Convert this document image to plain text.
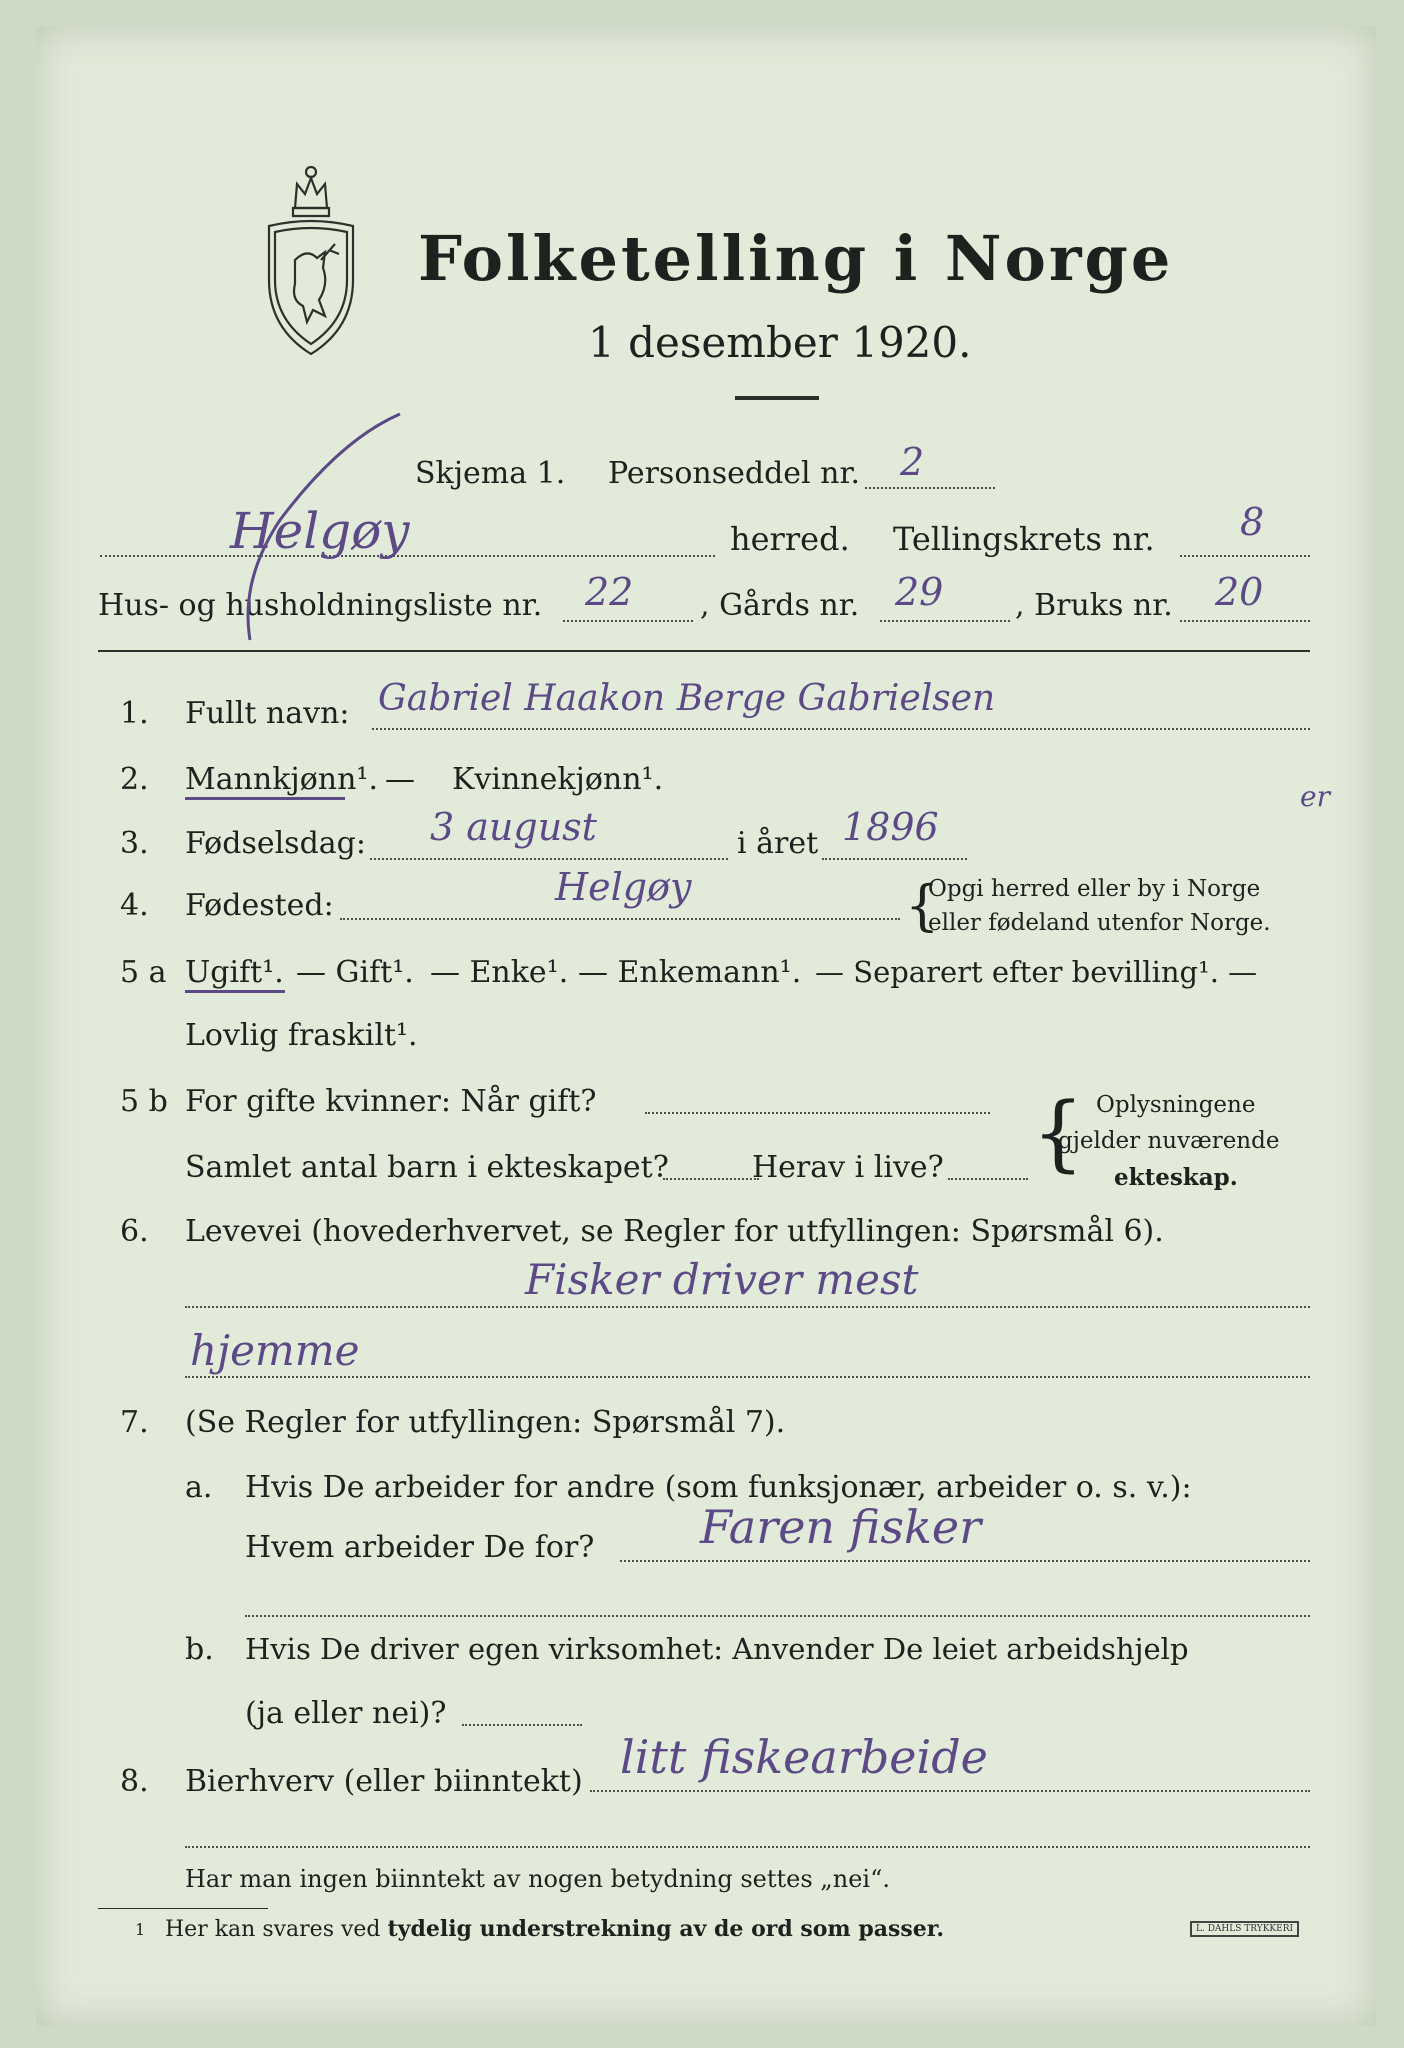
Folketelling i Norge
1 desember 1920.
Skjema 1. Personseddel nr. 2
Helgøy	herred. Tellingskrets nr. 8
Hus- og husholdningsliste nr. 22 , Gårds nr. 29 , Bruks nr. 20
1. Fullt navn: Gabriel Haakon Berge Gabrielsen
2. Mannkjønn¹. — Kvinnekjønn¹.
3. Fødselsdag: 3 august	i året 1896
er
4. Fødested:	Helgøy	{
Opgi herred eller by i Norge
eller fødeland utenfor Norge.
5 a Ugift¹. — Gift¹. — Enke¹. — Enkemann¹. — Separert efter bevilling¹. —
Lovlig fraskilt¹.
5 b For gifte kvinner: Når gift?
Samlet antal barn i ekteskapet?	Herav i live? { Oplysningene
gjelder nuværende
ekteskap.
6. Levevei (hovederhvervet, se Regler for utfyllingen: Spørsmål 6).
Fisker driver mest
hjemme
7. (Se Regler for utfyllingen: Spørsmål 7).
a. Hvis De arbeider for andre (som funksjonær, arbeider o. s. v.):
Hvem arbeider De for? Faren fisker
b. Hvis De driver egen virksomhet: Anvender De leiet arbeidshjelp
(ja eller nei)?
8. Bierhverv (eller biinntekt) litt fiskearbeide
Har man ingen biinntekt av nogen betydning settes „nei“.
1 Her kan svares ved tydelig understrekning av de ord som passer.	L. DAHLS TRYKKERI
